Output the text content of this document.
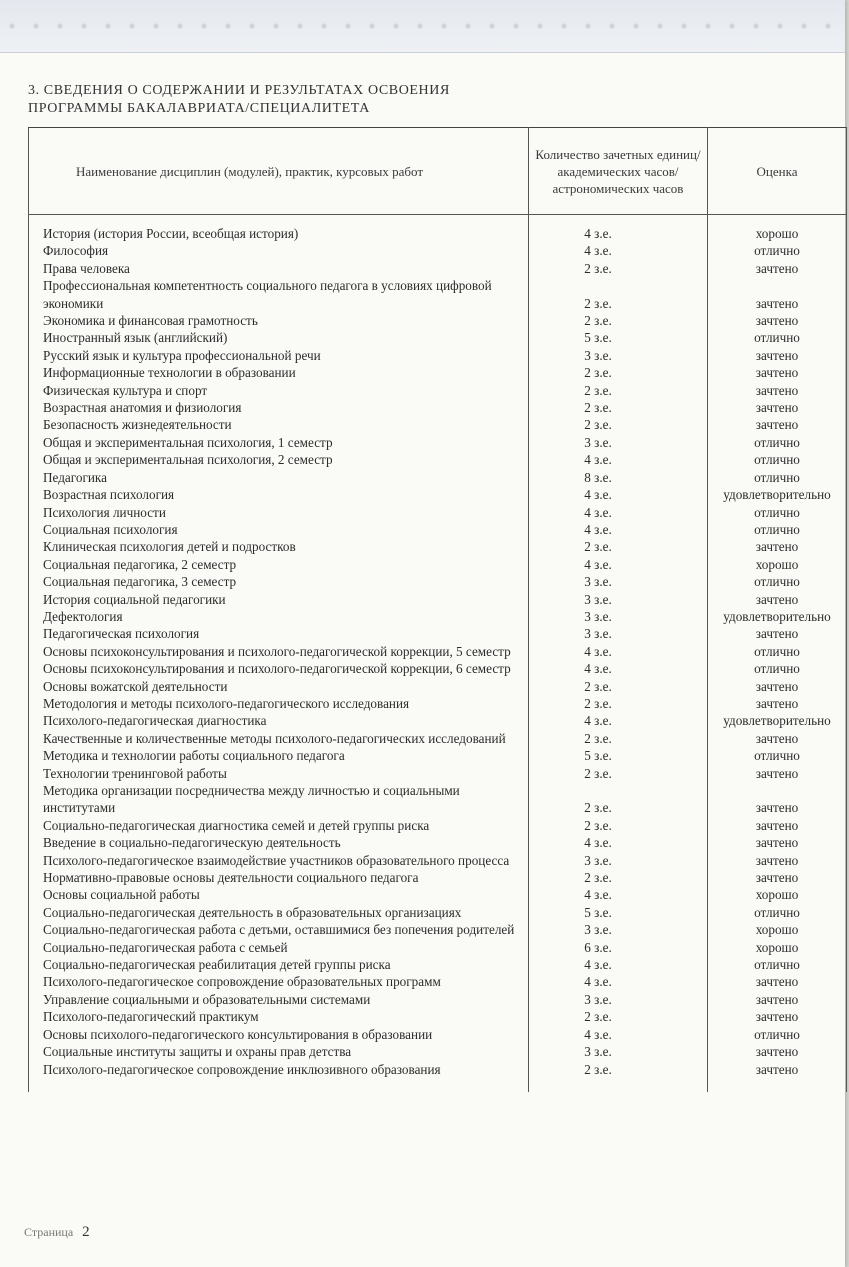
3. СВЕДЕНИЯ О СОДЕРЖАНИИ И РЕЗУЛЬТАТАХ ОСВОЕНИЯ ПРОГРАММЫ БАКАЛАВРИАТА/СПЕЦИАЛИТЕТА
Наименование дисциплин (модулей), практик, курсовых работ	Количество зачетных единиц/ академических часов/ астрономических часов	Оценка
История (история России, всеобщая история)	4 з.е.	хорошо
Философия	4 з.е.	отлично
Права человека	2 з.е.	зачтено
Профессиональная компетентность социального педагога в условиях цифровой экономики	2 з.е.	зачтено
Экономика и финансовая грамотность	2 з.е.	зачтено
Иностранный язык (английский)	5 з.е.	отлично
Русский язык и культура профессиональной речи	3 з.е.	зачтено
Информационные технологии в образовании	2 з.е.	зачтено
Физическая культура и спорт	2 з.е.	зачтено
Возрастная анатомия и физиология	2 з.е.	зачтено
Безопасность жизнедеятельности	2 з.е.	зачтено
Общая и экспериментальная психология, 1 семестр	3 з.е.	отлично
Общая и экспериментальная психология, 2 семестр	4 з.е.	отлично
Педагогика	8 з.е.	отлично
Возрастная психология	4 з.е.	удовлетворительно
Психология личности	4 з.е.	отлично
Социальная психология	4 з.е.	отлично
Клиническая психология детей и подростков	2 з.е.	зачтено
Социальная педагогика, 2 семестр	4 з.е.	хорошо
Социальная педагогика, 3 семестр	3 з.е.	отлично
История социальной педагогики	3 з.е.	зачтено
Дефектология	3 з.е.	удовлетворительно
Педагогическая психология	3 з.е.	зачтено
Основы психоконсультирования и психолого-педагогической коррекции, 5 семестр	4 з.е.	отлично
Основы психоконсультирования и психолого-педагогической коррекции, 6 семестр	4 з.е.	отлично
Основы вожатской деятельности	2 з.е.	зачтено
Методология и методы психолого-педагогического исследования	2 з.е.	зачтено
Психолого-педагогическая диагностика	4 з.е.	удовлетворительно
Качественные и количественные методы психолого-педагогических исследований	2 з.е.	зачтено
Методика и технологии работы социального педагога	5 з.е.	отлично
Технологии тренинговой работы	2 з.е.	зачтено
Методика организации посредничества между личностью и социальными институтами	2 з.е.	зачтено
Социально-педагогическая диагностика семей и детей группы риска	2 з.е.	зачтено
Введение в социально-педагогическую деятельность	4 з.е.	зачтено
Психолого-педагогическое взаимодействие участников образовательного процесса	3 з.е.	зачтено
Нормативно-правовые основы деятельности социального педагога	2 з.е.	зачтено
Основы социальной работы	4 з.е.	хорошо
Социально-педагогическая деятельность в образовательных организациях	5 з.е.	отлично
Социально-педагогическая работа с детьми, оставшимися без попечения родителей	3 з.е.	хорошо
Социально-педагогическая работа с семьей	6 з.е.	хорошо
Социально-педагогическая реабилитация детей группы риска	4 з.е.	отлично
Психолого-педагогическое сопровождение образовательных программ	4 з.е.	зачтено
Управление социальными и образовательными системами	3 з.е.	зачтено
Психолого-педагогический практикум	2 з.е.	зачтено
Основы психолого-педагогического консультирования в образовании	4 з.е.	отлично
Социальные институты защиты и охраны прав детства	3 з.е.	зачтено
Психолого-педагогическое сопровождение инклюзивного образования	2 з.е.	зачтено
Страница 2
